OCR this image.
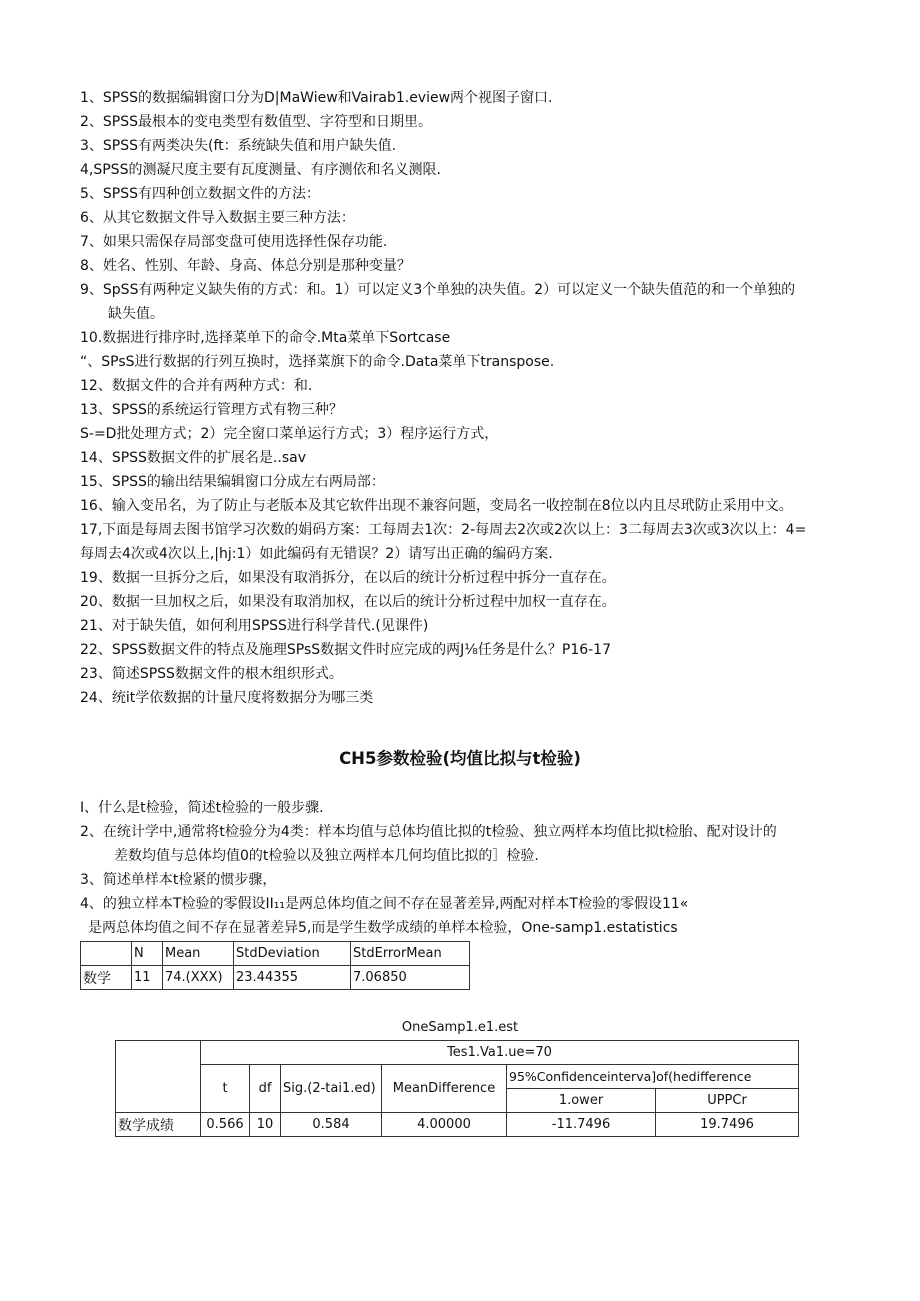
1、SPSS的数据编辑窗口分为D|MaWiew和Vairab1.eview两个视图子窗口.
2、SPSS最根本的变电类型有数值型、字符型和日期里。
3、SPSS有两类决失(ft：系统缺失值和用户缺失值.
4,SPSS的测凝尺度主要有瓦度测量、有序测依和名义测限.
5、SPSS有四种创立数据文件的方法：
6、从其它数据文件导入数据主要三种方法：
7、如果只需保存局部变盘可使用选择性保存功能.
8、姓名、性别、年龄、身高、体总分别是那种变量？
9、SpSS有两种定义缺失侑的方式：和。1）可以定义3个单独的决失值。2）可以定义一个缺失值范的和一个单独的
缺失值。
10.数据进行排序时,选择菜单下的命令.Mta菜单下Sortcase
“、SPsS进行数据的行列互换时，选择菜旗下的命令.Data菜单下transpose.
12、数据文件的合并有两种方式：和.
13、SPSS的系统运行管理方式有物三种？
S-=D批处理方式；2）完全窗口菜单运行方式；3）程序运行方式，
14、SPSS数据文件的扩展名是..sav
15、SPSS的输出结果编辑窗口分成左右两局部：
16、输入变吊名，为了防止与老版本及其它软件出现不兼容问题，变局名一收控制在8位以内且尽玳防止采用中文。
17,下面是每周去图书馆学习次数的娟码方案：工每周去1次：2-每周去2次或2次以上：3二每周去3次或3次以上：4=
每周去4次或4次以上,|hj:1）如此编码有无错误？2）请写出正确的编码方案.
19、数据一旦拆分之后，如果没有取消拆分，在以后的统计分析过程中拆分一直存在。
20、数据一旦加权之后，如果没有取消加权，在以后的统计分析过程中加权一直存在。
21、对于缺失值，如何利用SPSS进行科学昔代.(见课件)
22、SPSS数据文件的特点及施理SPsS数据文件时应完成的两J⅛任务是什么？P16-17
23、简述SPSS数据文件的根木组织形式。
24、统it学依数据的计量尺度将数据分为哪三类
CH5参数检验(均值比拟与t检验)
I、什么是t检验，简述t检验的一般步骤.
2、在统计学中,通常将t检验分为4类：样本均值与总体均值比拟的t检验、独立两样本均值比拟t检胎、配对设计的
差数均值与总体均值0的t检验以及独立两样本几何均值比拟的］检验.
3、简述单样本t检紧的惯步骤，
4、的独立样本T检验的零假设II₁₁是两总体均值之间不存在显著差异,两配对样本T检验的零假设11«
是两总体均值之间不存在显著差异5,而是学生数学成绩的单样本检验，One-samp1.estatistics
	N	Mean	StdDeviation	StdErrorMean
数学	11	74.(XXX)	23.44355	7.06850
OneSamp1.e1.est
	Tes1.Va1.ue=70					
	t	df	Sig.(2-tai1.ed)	MeanDifference	95%Confidenceinterva]of(hedifference	
					1.ower	UPPCr
数学成绩	0.566	10	0.584	4.00000	-11.7496	19.7496
